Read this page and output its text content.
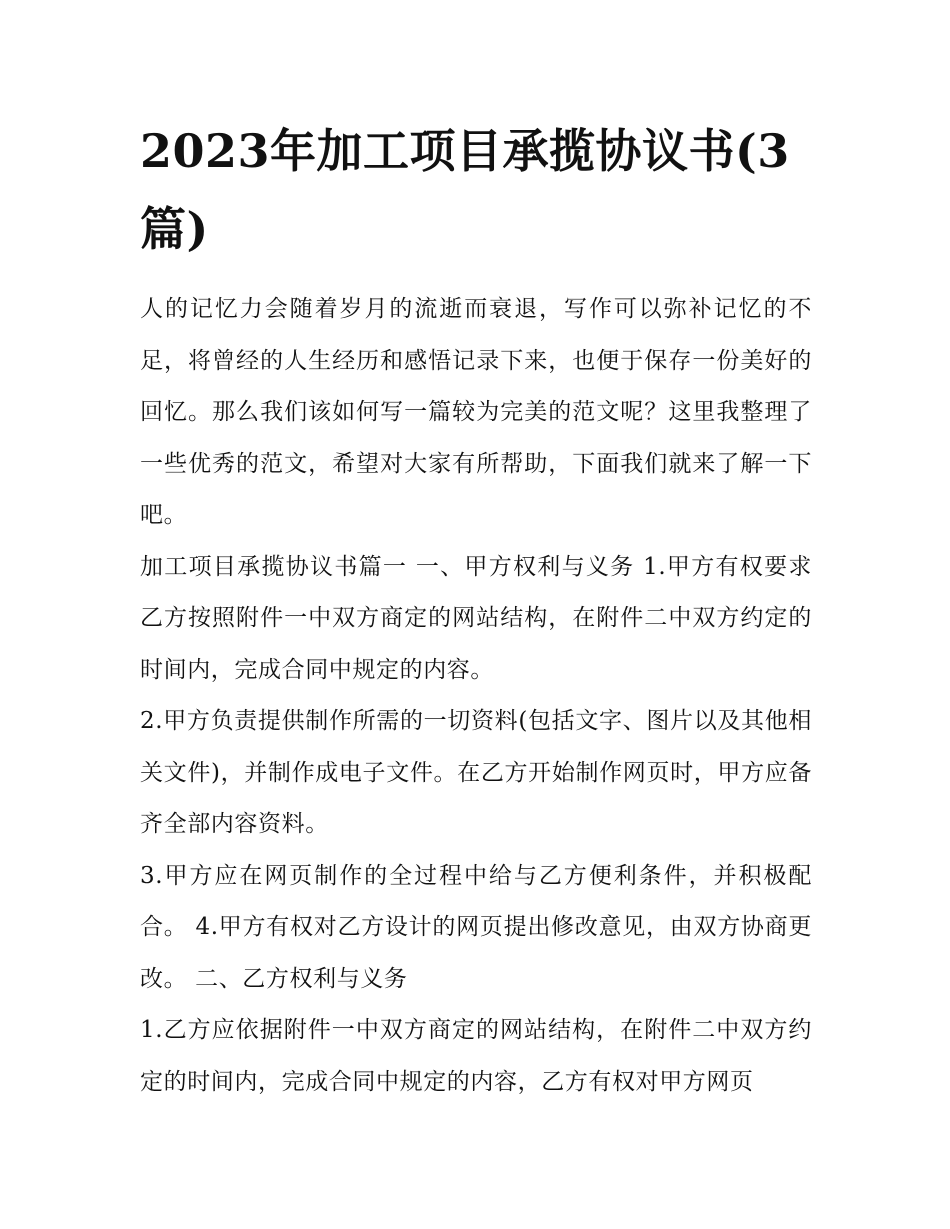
2023年加工项目承揽协议书(3篇)

人的记忆力会随着岁月的流逝而衰退，写作可以弥补记忆的不足，将曾经的人生经历和感悟记录下来，也便于保存一份美好的回忆。那么我们该如何写一篇较为完美的范文呢？这里我整理了一些优秀的范文，希望对大家有所帮助，下面我们就来了解一下吧。

加工项目承揽协议书篇一 一、甲方权利与义务 1.甲方有权要求乙方按照附件一中双方商定的网站结构，在附件二中双方约定的时间内，完成合同中规定的内容。

2.甲方负责提供制作所需的一切资料(包括文字、图片以及其他相关文件)，并制作成电子文件。在乙方开始制作网页时，甲方应备齐全部内容资料。

3.甲方应在网页制作的全过程中给与乙方便利条件，并积极配合。 4.甲方有权对乙方设计的网页提出修改意见，由双方协商更改。 二、乙方权利与义务

1.乙方应依据附件一中双方商定的网站结构，在附件二中双方约定的时间内，完成合同中规定的内容，乙方有权对甲方网页
